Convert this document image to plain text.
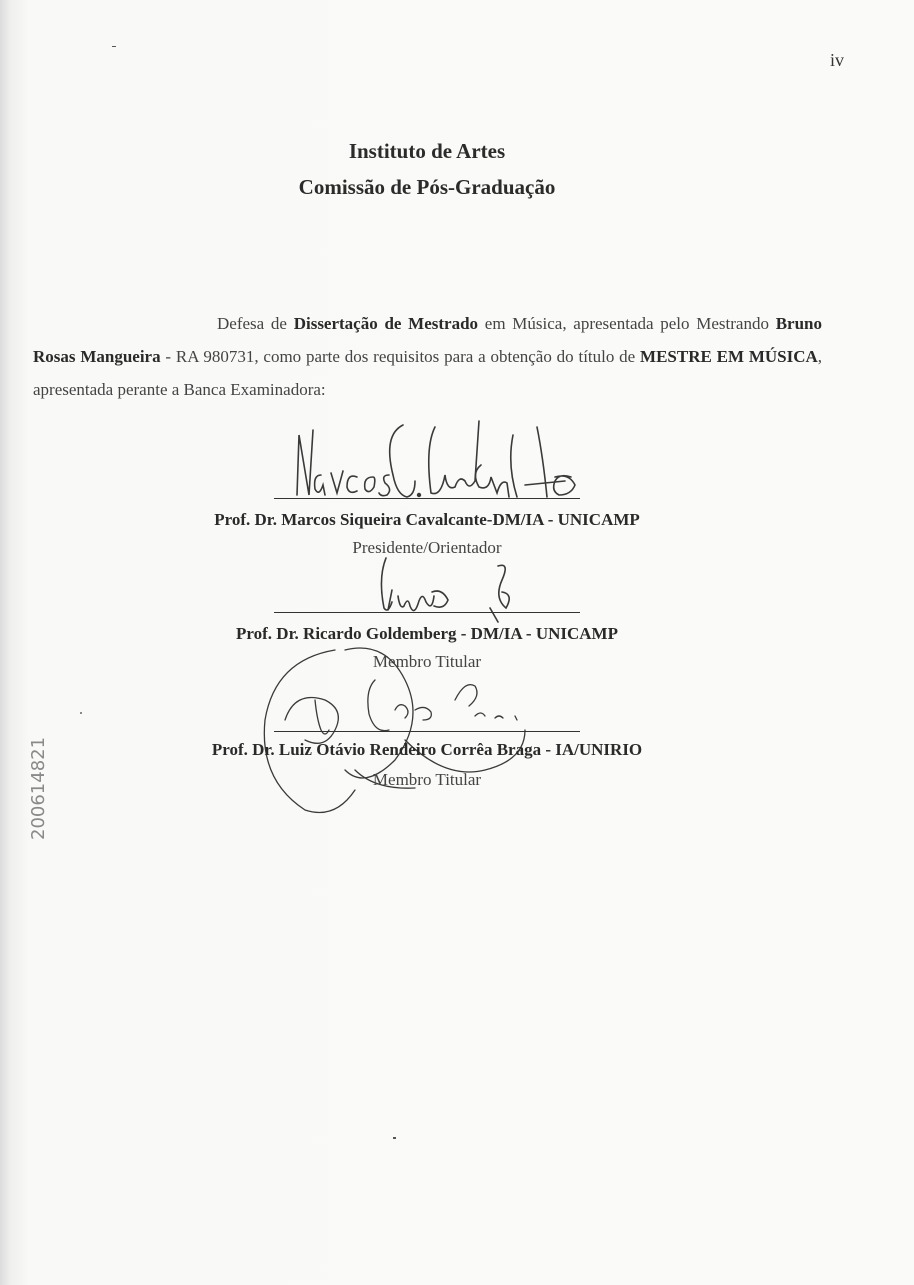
iv
Instituto de Artes
Comissão de Pós-Graduação
Defesa de Dissertação de Mestrado em Música, apresentada pelo Mestrando Bruno Rosas Mangueira - RA 980731, como parte dos requisitos para a obtenção do título de MESTRE EM MÚSICA, apresentada perante a Banca Examinadora:
Prof. Dr. Marcos Siqueira Cavalcante-DM/IA - UNICAMP
Presidente/Orientador
Prof. Dr. Ricardo Goldemberg - DM/IA - UNICAMP
Membro Titular
Prof. Dr. Luiz Otávio Rendeiro Corrêa Braga - IA/UNIRIO
Membro Titular
200614821
